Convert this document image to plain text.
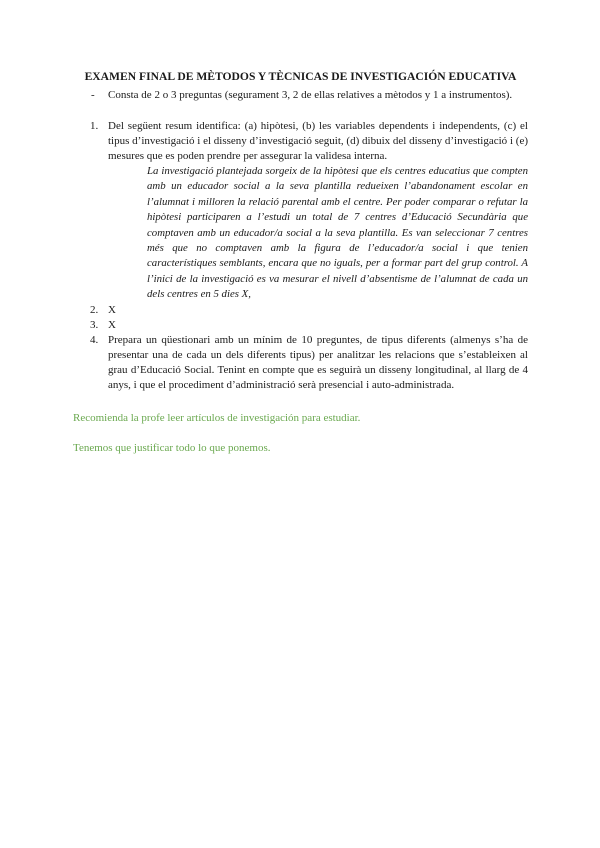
EXAMEN FINAL DE MÈTODOS Y TÈCNICAS DE INVESTIGACIÓN EDUCATIVA

-	Consta de 2 o 3 preguntas (segurament 3, 2 de ellas relatives a mètodos y 1 a instrumentos).
1. Del següent resum identifica: (a) hipòtesi, (b) les variables dependents i independents, (c) el tipus d’investigació i el disseny d’investigació seguit, (d) dibuix del disseny d’investigació i (e) mesures que es poden prendre per assegurar la validesa interna.

La investigació plantejada sorgeix de la hipòtesi que els centres educatius que compten amb un educador social a la seva plantilla redueixen l’abandonament escolar en l’alumnat i milloren la relació parental amb el centre. Per poder comparar o refutar la hipòtesi participaren a l’estudi un total de 7 centres d’Educació Secundària que comptaven amb un educador/a social a la seva plantilla. Es van seleccionar 7 centres més que no comptaven amb la figura de l’educador/a social i que tenien característiques semblants, encara que no iguals, per a formar part del grup control. A l’inici de la investigació es va mesurar el nivell d’absentisme de l’alumnat de cada un dels centres en 5 dies X,

2. X
3. X
4. Prepara un qüestionari amb un mínim de 10 preguntes, de tipus diferents (almenys s’ha de presentar una de cada un dels diferents tipus) per analitzar les relacions que s’estableixen al grau d’Educació Social. Tenint en compte que es seguirà un disseny longitudinal, al llarg de 4 anys, i que el procediment d’administració serà presencial i auto-administrada.

Recomienda la profe leer artículos de investigación para estudiar.

Tenemos que justificar todo lo que ponemos.
